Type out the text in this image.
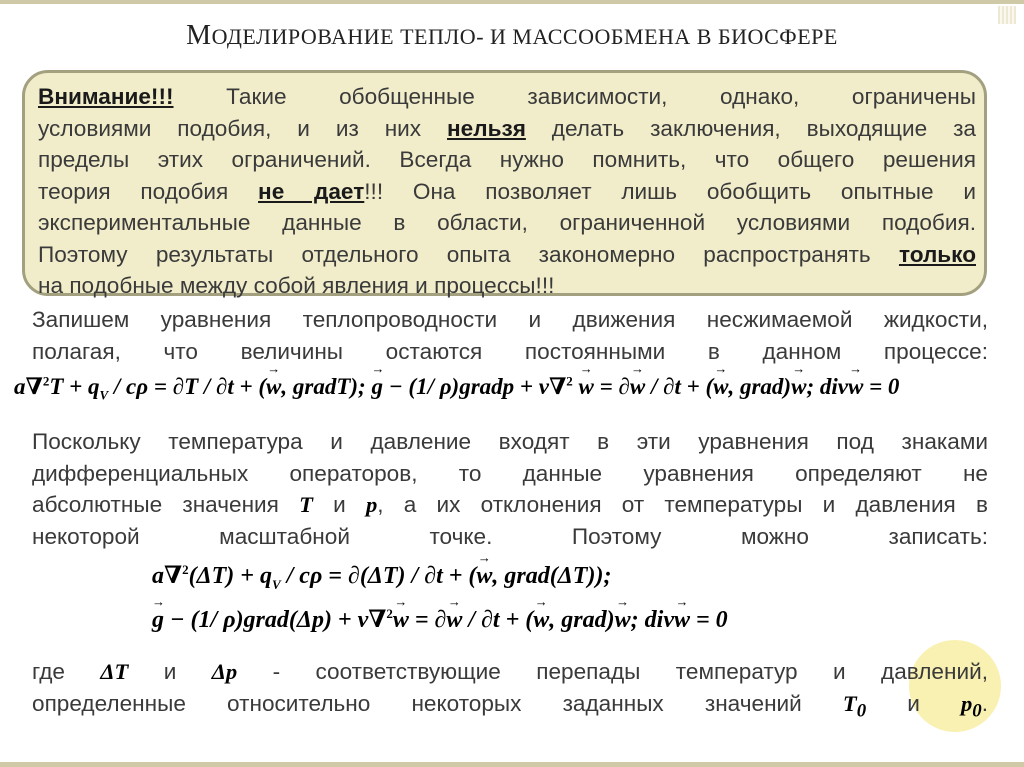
МОДЕЛИРОВАНИЕ ТЕПЛО- И МАССООБМЕНА В БИОСФЕРЕ
Внимание!!! Такие обобщенные зависимости, однако, ограничены
условиями подобия, и из них нельзя делать заключения, выходящие за
пределы этих ограничений. Всегда нужно помнить, что общего решения
теория подобия не дает!!! Она позволяет лишь обобщить опытные и
экспериментальные данные в области, ограниченной условиями подобия.
Поэтому результаты отдельного опыта закономерно распространять только
на подобные между собой явления и процессы!!!
Запишем уравнения теплопроводности и движения несжимаемой жидкости,
полагая, что величины остаются постоянными в данном процессе:
$a\nabla^2T + q_V / c\rho = \partial T / \partial t$ + (→ w, gradT); → g − (1/ ρ)gradp + ν∇$^2$ → w = ∂→ w / ∂t + (→ w, grad)→ w; div→ w = 0
Поскольку температура и давление входят в эти уравнения под знаками
дифференциальных операторов, то данные уравнения определяют не
абсолютные значения T и p, а их отклонения от температуры и давления в
некоторой масштабной точке. Поэтому можно записать:
$a\nabla^2(\Delta T) + q_V / c\rho = \partial(\Delta T) / \partial t$ + (→ w, grad(ΔT));
→ g − (1/ ρ)grad(Δp) + ν∇$^2$→ w = ∂→ w / ∂t + (→ w, grad)→ w; div→ w = 0
где ΔT и Δp - соответствующие перепады температур и давлений,
определенные относительно некоторых заданных значений $T_0$ и $p_0$.
